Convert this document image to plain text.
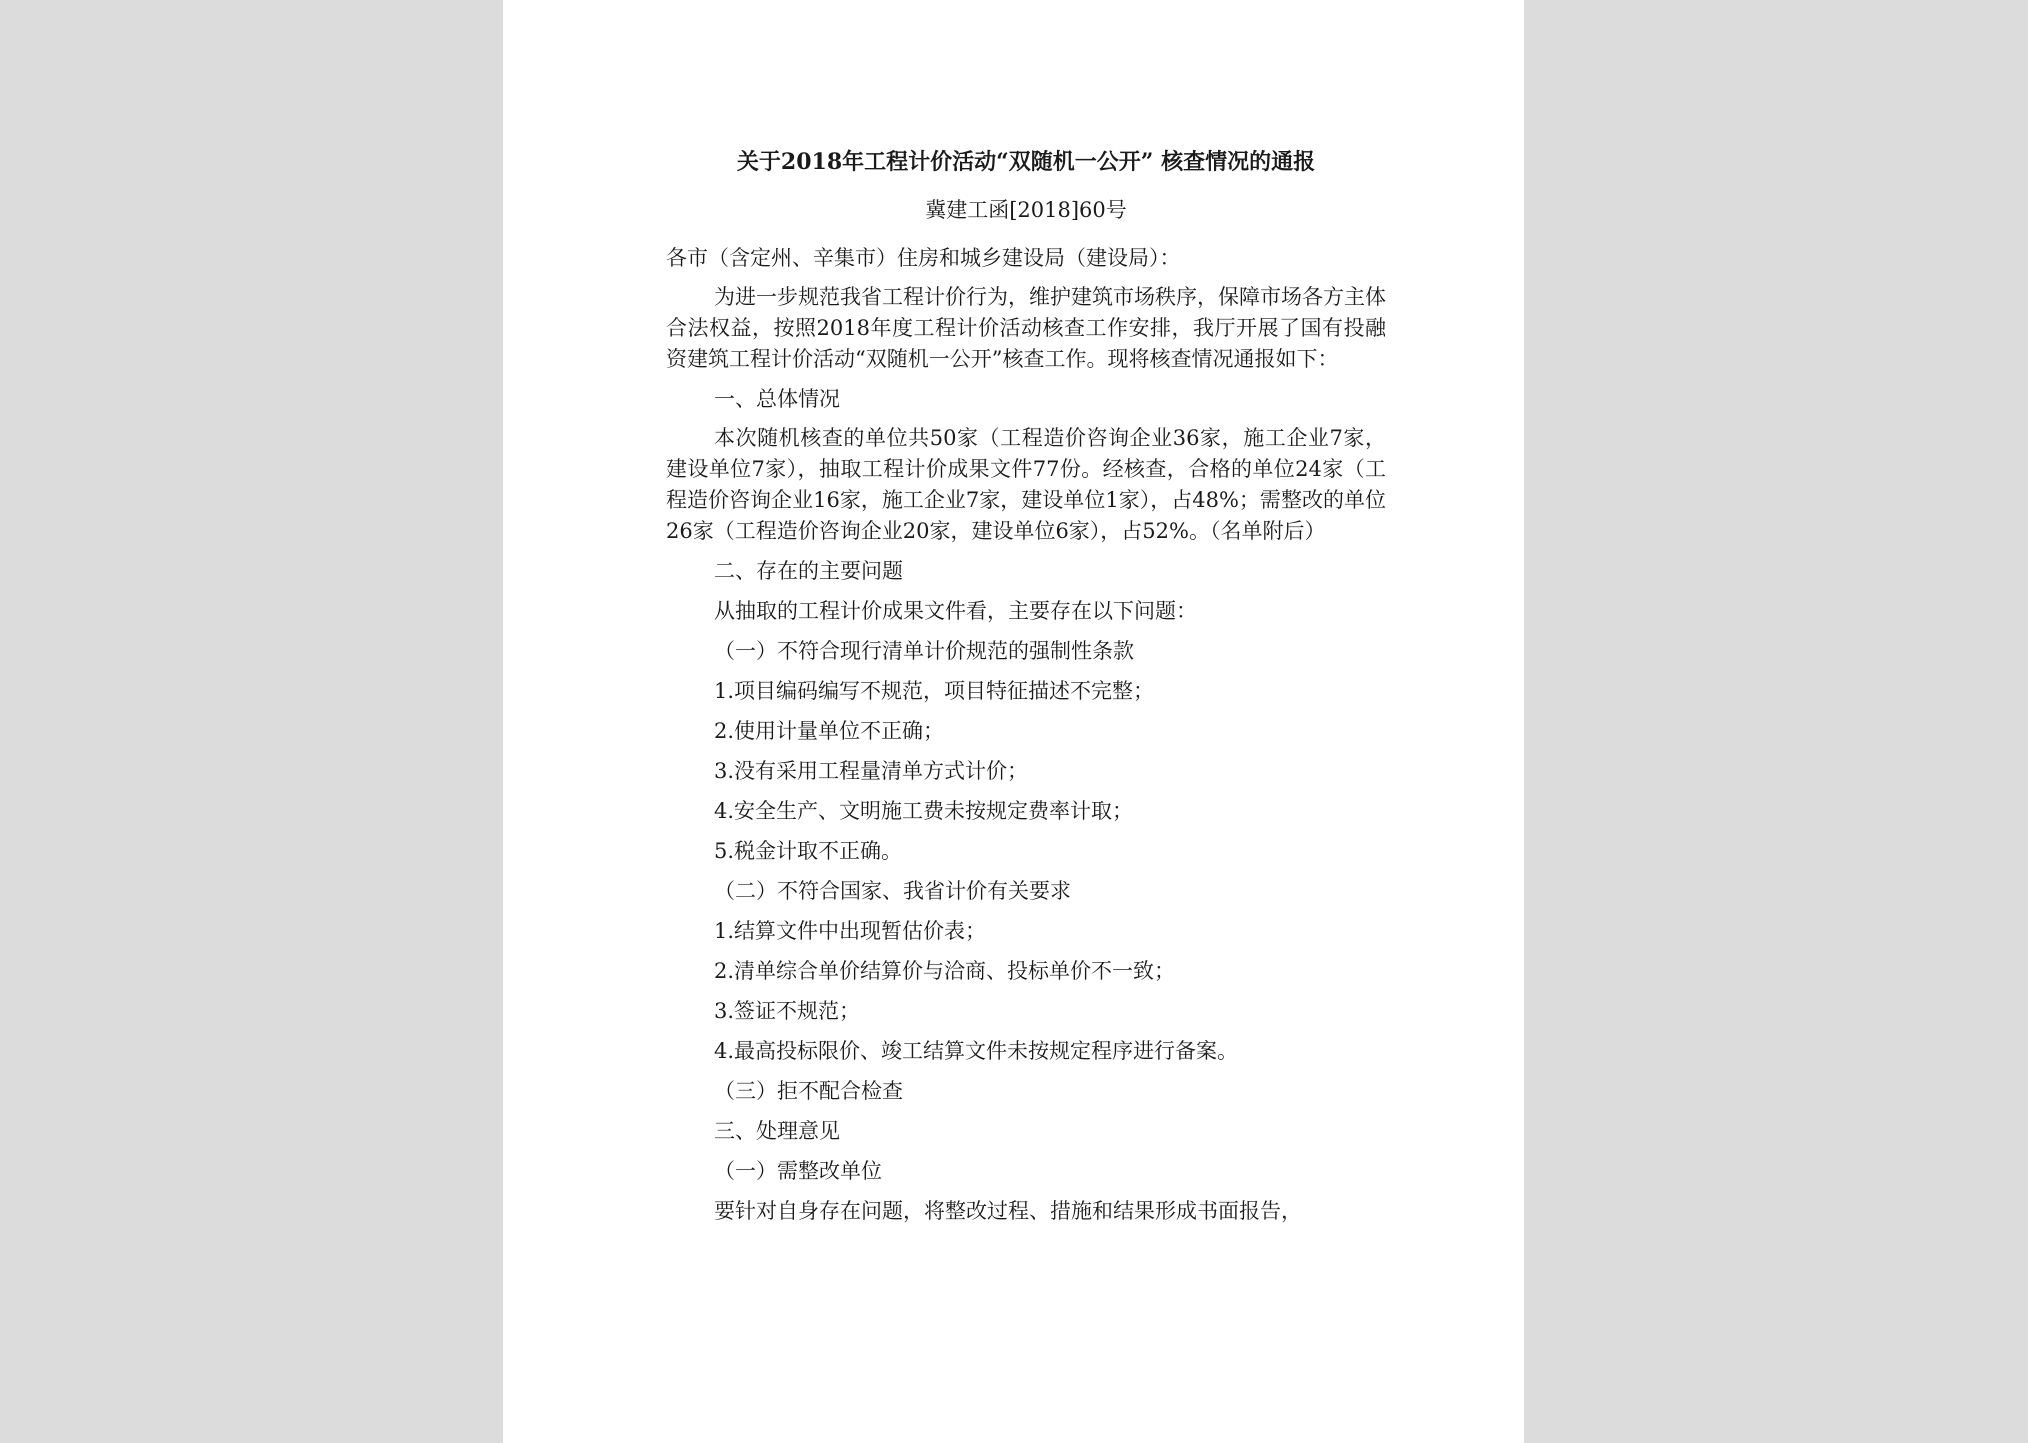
关于2018年工程计价活动“双随机一公开” 核查情况的通报
冀建工函[2018]60号
各市（含定州、辛集市）住房和城乡建设局（建设局）：

为进一步规范我省工程计价行为，维护建筑市场秩序，保障市场各方主体合法权益，按照2018年度工程计价活动核查工作安排，我厅开展了国有投融资建筑工程计价活动“双随机一公开”核查工作。现将核查情况通报如下：

一、总体情况

本次随机核查的单位共50家（工程造价咨询企业36家，施工企业7家，建设单位7家），抽取工程计价成果文件77份。经核查，合格的单位24家（工程造价咨询企业16家，施工企业7家，建设单位1家），占48%；需整改的单位26家（工程造价咨询企业20家，建设单位6家），占52%。（名单附后）

二、存在的主要问题
从抽取的工程计价成果文件看，主要存在以下问题：
（一）不符合现行清单计价规范的强制性条款
1.项目编码编写不规范，项目特征描述不完整；
2.使用计量单位不正确；
3.没有采用工程量清单方式计价；
4.安全生产、文明施工费未按规定费率计取；
5.税金计取不正确。
（二）不符合国家、我省计价有关要求
1.结算文件中出现暂估价表；
2.清单综合单价结算价与洽商、投标单价不一致；
3.签证不规范；
4.最高投标限价、竣工结算文件未按规定程序进行备案。
（三）拒不配合检查
三、处理意见
（一）需整改单位
要针对自身存在问题，将整改过程、措施和结果形成书面报告，
